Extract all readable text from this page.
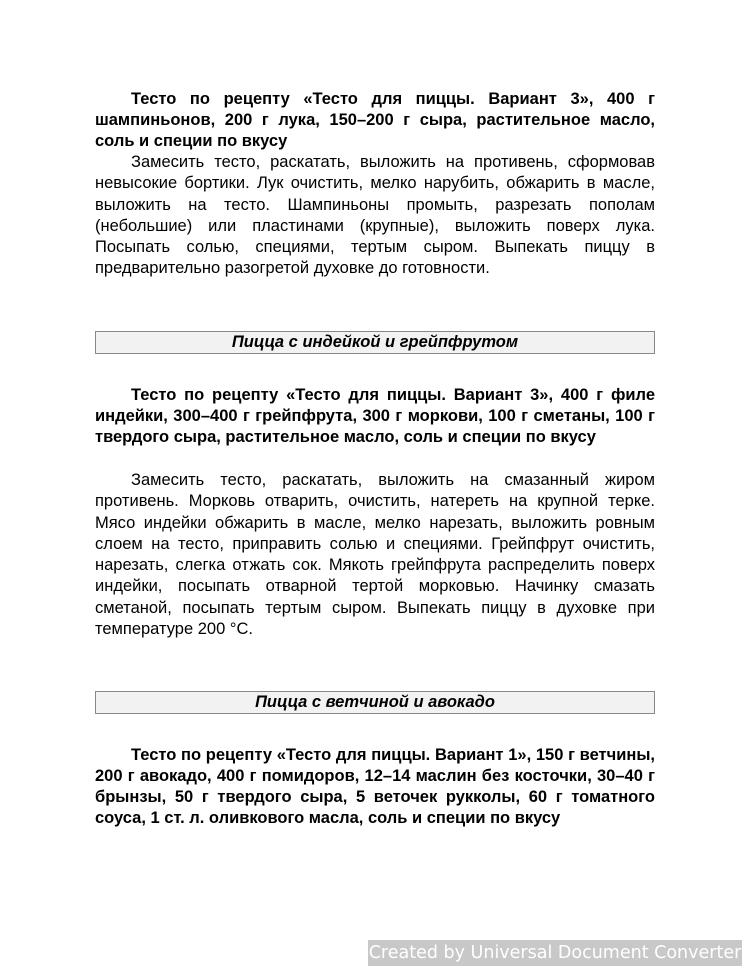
Тесто по рецепту «Тесто для пиццы. Вариант 3», 400 г шампиньонов, 200 г лука, 150–200 г сыра, растительное масло, соль и специи по вкусу

Замесить тесто, раскатать, выложить на противень, сформовав невысокие бортики. Лук очистить, мелко нарубить, обжарить в масле, выложить на тесто. Шампиньоны промыть, разрезать пополам (небольшие) или пластинами (крупные), выложить поверх лука. Посыпать солью, специями, тертым сыром. Выпекать пиццу в предварительно разогретой духовке до готовности.

Пицца с индейкой и грейпфрутом

Тесто по рецепту «Тесто для пиццы. Вариант 3», 400 г филе индейки, 300–400 г грейпфрута, 300 г моркови, 100 г сметаны, 100 г твердого сыра, растительное масло, соль и специи по вкусу

Замесить тесто, раскатать, выложить на смазанный жиром противень. Морковь отварить, очистить, натереть на крупной терке. Мясо индейки обжарить в масле, мелко нарезать, выложить ровным слоем на тесто, приправить солью и специями. Грейпфрут очистить, нарезать, слегка отжать сок. Мякоть грейпфрута распределить поверх индейки, посыпать отварной тертой морковью. Начинку смазать сметаной, посыпать тертым сыром. Выпекать пиццу в духовке при температуре 200 °С.

Пицца с ветчиной и авокадо

Тесто по рецепту «Тесто для пиццы. Вариант 1», 150 г ветчины, 200 г авокадо, 400 г помидоров, 12–14 маслин без косточки, 30–40 г брынзы, 50 г твердого сыра, 5 веточек рукколы, 60 г томатного соуса, 1 ст. л. оливкового масла, соль и специи по вкусу

Created by Universal Document Converter
